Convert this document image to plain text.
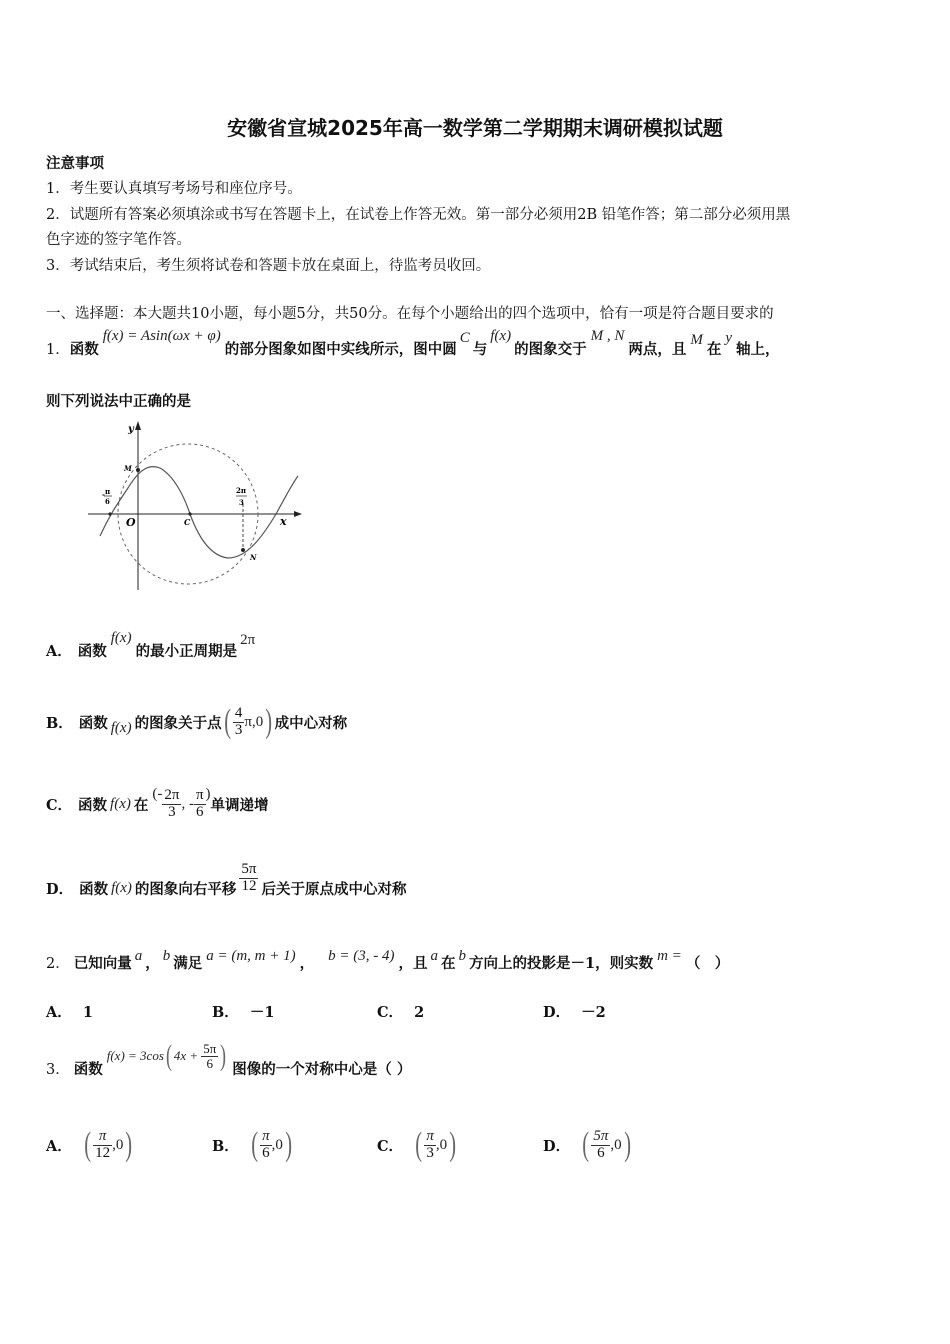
安徽省宣城2025年高一数学第二学期期末调研模拟试题
注意事项
1．考生要认真填写考场号和座位序号。
2．试题所有答案必须填涂或书写在答题卡上，在试卷上作答无效。第一部分必须用2B 铅笔作答；第二部分必须用黑
色字迹的签字笔作答。
3．考试结束后，考生须将试卷和答题卡放在桌面上，待监考员收回。
一、选择题：本大题共10小题，每小题5分，共50分。在每个小题给出的四个选项中，恰有一项是符合题目要求的
1． 函数
f(x) = Asin(ωx + φ)
的部分图象如图中实线所示，图中圆
C
与
f(x)
的图象交于
M , N
两点，且
M
在
y
轴上，
则下列说法中正确的是
y
x
O
M
N
C
- π
6
2π
3
A． 函数
f(x)
的最小正周期是
2π
B． 函数 f(x) 的图象关于点 ( $\frac{4}{3} \pi,0$ ) 成中心对称
C． 函数 f(x) 在
(- $\frac{2\pi}{3}$ , - $\frac{\pi}{6}$ )
单调递增
D． 函数 f(x) 的图象向右平移 $\frac{5\pi}{12}$ 后关于原点成中心对称
2． 已知向量 a ， b 满足 a = (m, m + 1) ， b = (3, - 4) ，且 a 在 b 方向上的投影是－1，则实数 m = （　）
A． 1	B． －1	C． 2	D． －2
3． 函数
f(x) = 3cos ( $4x + \frac{5\pi}{6}$ ) 图像的一个对称中心是（ ）
A． ( $\frac{\pi}{12} ,0$ )	B． ( $\frac{\pi}{6} ,0$ )	C． ( $\frac{\pi}{3} ,0$ )	D． ( $\frac{5\pi}{6} ,0$ )
